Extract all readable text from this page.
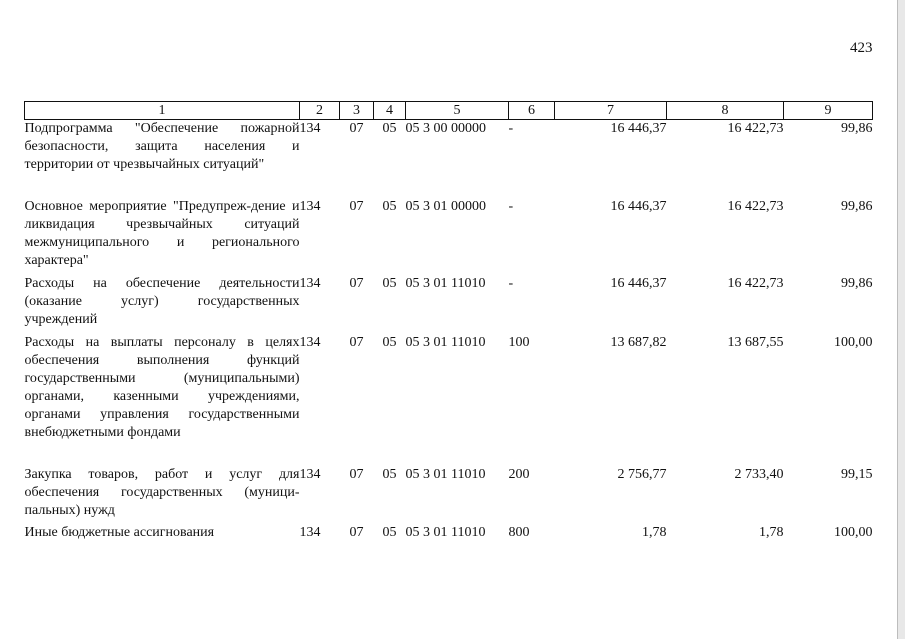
423
1	2	3	4	5	6	7	8	9
Подпрограмма "Обеспечение пожарной безопасности, защита населения и территории от чрезвычайных ситуаций"	134	07	05	05 3 00 00000	-	16 446,37	16 422,73	99,86
Основное мероприятие "Предупреж-дение и ликвидация чрезвычайных ситуаций межмуниципального и регионального характера"	134	07	05	05 3 01 00000	-	16 446,37	16 422,73	99,86
Расходы на обеспечение деятельности (оказание услуг) государственных учреждений	134	07	05	05 3 01 11010	-	16 446,37	16 422,73	99,86
Расходы на выплаты персоналу в целях обеспечения выполнения функций государственными (муниципальными) органами, казенными учреждениями, органами управления государственными внебюджетными фондами	134	07	05	05 3 01 11010	100	13 687,82	13 687,55	100,00
Закупка товаров, работ и услуг для обеспечения государственных (муници-пальных) нужд	134	07	05	05 3 01 11010	200	2 756,77	2 733,40	99,15
Иные бюджетные ассигнования	134	07	05	05 3 01 11010	800	1,78	1,78	100,00
